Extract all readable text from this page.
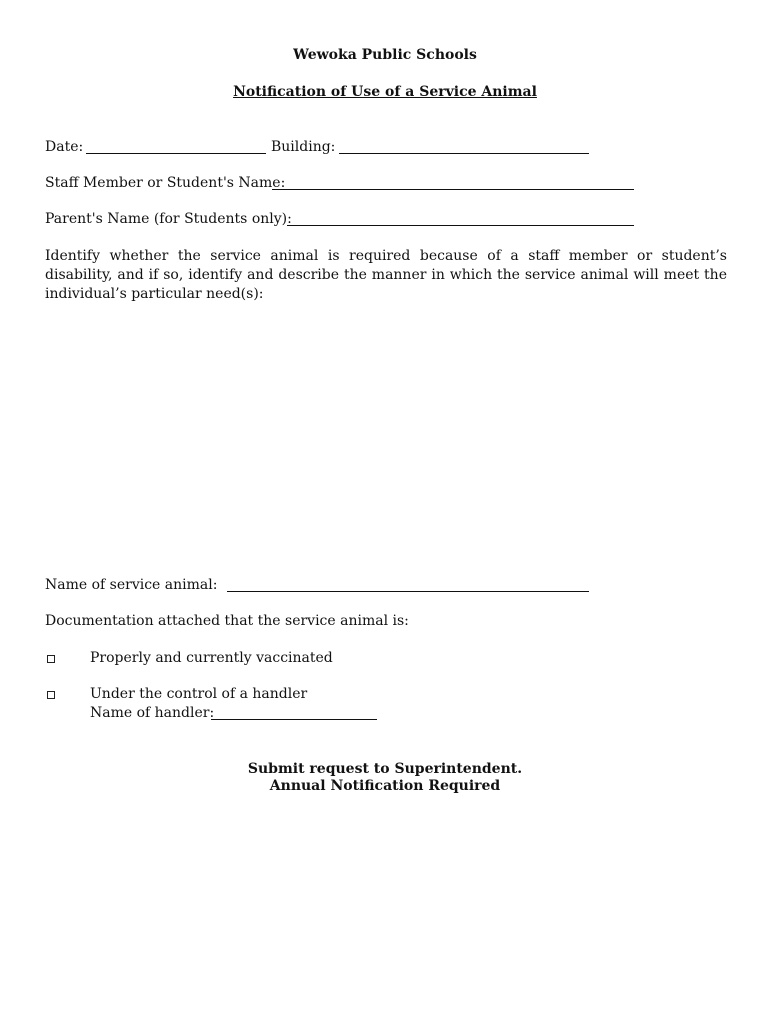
Wewoka Public Schools
Notification of Use of a Service Animal
Date:	Building:
Staff Member or Student's Name:
Parent's Name (for Students only):
Identify whether the service animal is required because of a staff member or student’s disability, and if so, identify and describe the manner in which the service animal will meet the individual’s particular need(s):
Name of service animal:
Documentation attached that the service animal is:
Properly and currently vaccinated
Under the control of a handler
Name of handler:
Submit request to Superintendent.
Annual Notification Required
